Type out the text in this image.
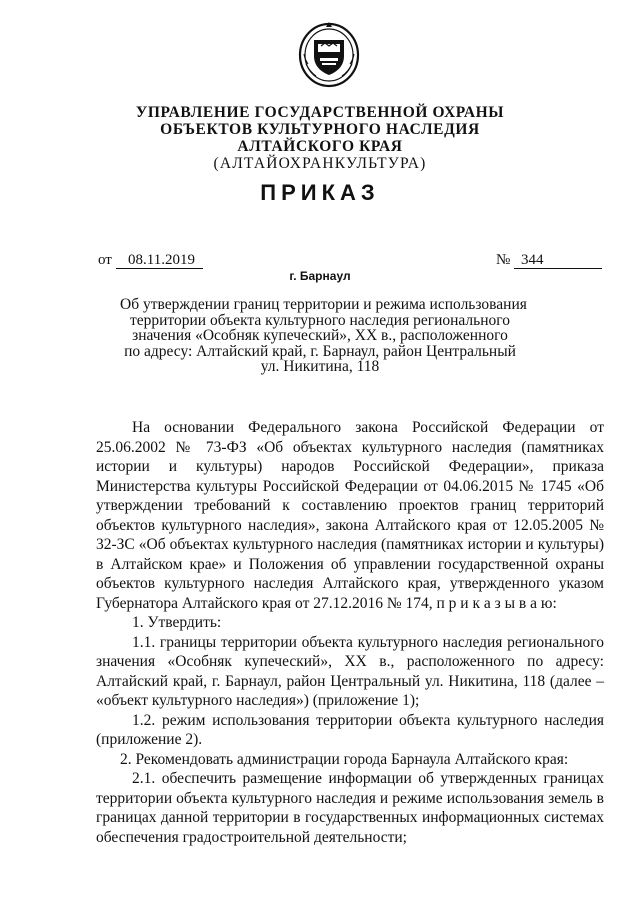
УПРАВЛЕНИЕ ГОСУДАРСТВЕННОЙ ОХРАНЫ
ОБЪЕКТОВ КУЛЬТУРНОГО НАСЛЕДИЯ
АЛТАЙСКОГО КРАЯ
(АЛТАЙОХРАНКУЛЬТУРА)
ПРИКАЗ
от	08.11.2019	№ 344
г. Барнаул
Об утверждении границ территории и режима использования
территории объекта культурного наследия регионального
значения «Особняк купеческий», XX в., расположенного
по адресу: Алтайский край, г. Барнаул, район Центральный
ул. Никитина, 118

На основании Федерального закона Российской Федерации от 25.06.2002 № 73-ФЗ «Об объектах культурного наследия (памятниках истории и культуры) народов Российской Федерации», приказа Министерства культуры Российской Федерации от 04.06.2015 № 1745 «Об утверждении требований к составлению проектов границ территорий объектов культурного наследия», закона Алтайского края от 12.05.2005 № 32-ЗС «Об объектах культурного наследия (памятниках истории и культуры) в Алтайском крае» и Положения об управлении государственной охраны объектов культурного наследия Алтайского края, утвержденного указом Губернатора Алтайского края от 27.12.2016 № 174, п р и к а з ы в а ю:

1. Утвердить:

1.1. границы территории объекта культурного наследия регионального значения «Особняк купеческий», XX в., расположенного по адресу: Алтайский край, г. Барнаул, район Центральный ул. Никитина, 118 (далее – «объект культурного наследия») (приложение 1);

1.2. режим использования территории объекта культурного наследия (приложение 2).

2. Рекомендовать администрации города Барнаула Алтайского края:

2.1. обеспечить размещение информации об утвержденных границах территории объекта культурного наследия и режиме использования земель в границах данной территории в государственных информационных системах обеспечения градостроительной деятельности;
